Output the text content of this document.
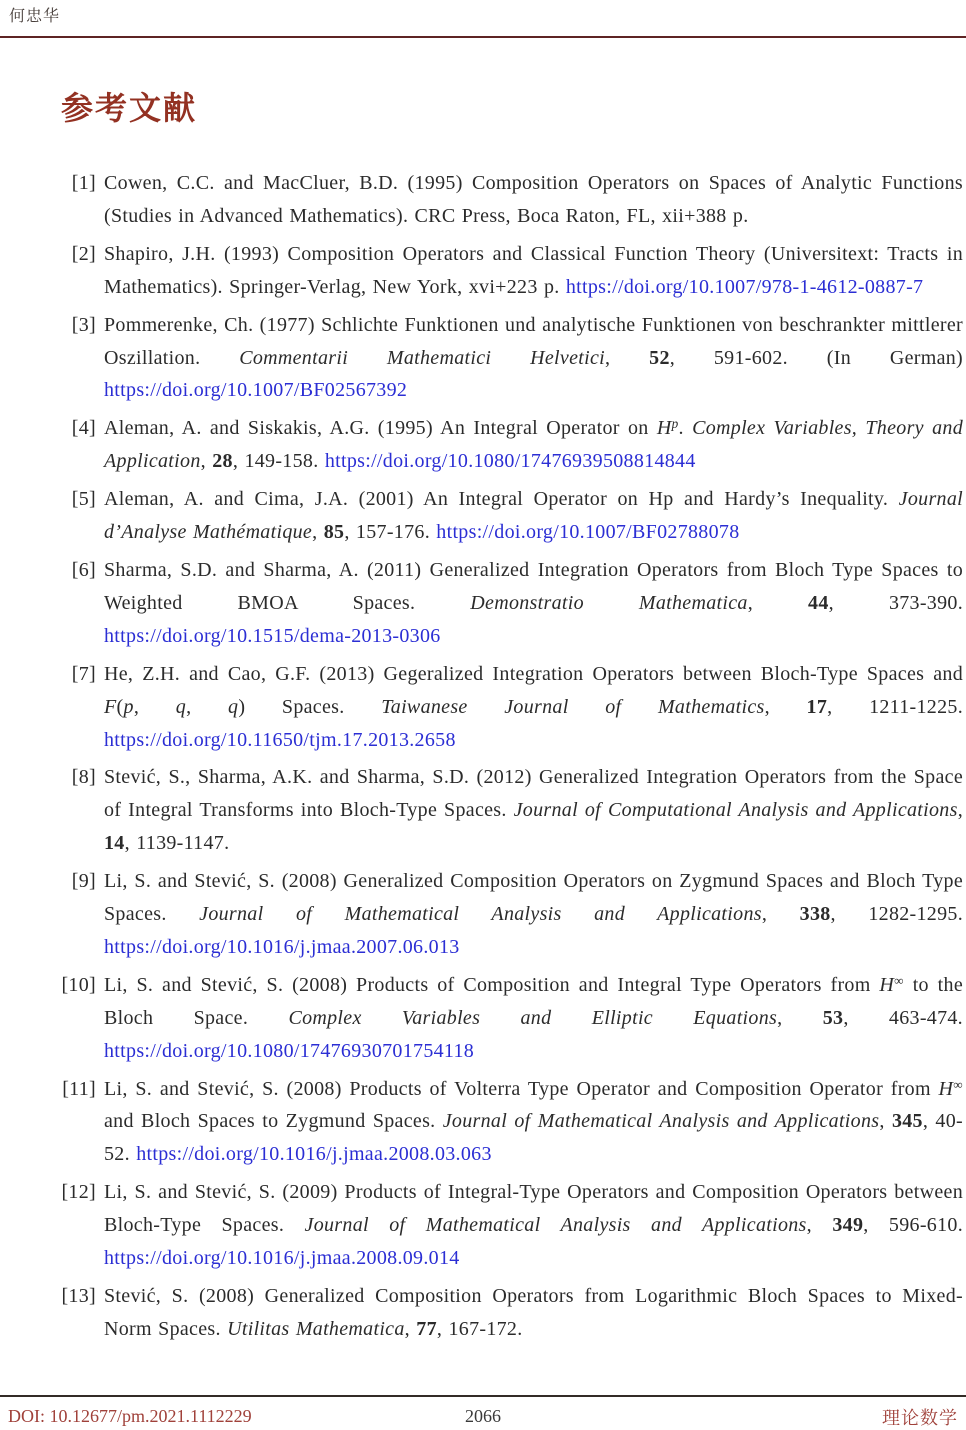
何忠华
参考文献
[1] Cowen, C.C. and MacCluer, B.D. (1995) Composition Operators on Spaces of Analytic Functions (Studies in Advanced Mathematics). CRC Press, Boca Raton, FL, xii+388 p.
[2] Shapiro, J.H. (1993) Composition Operators and Classical Function Theory (Universitext: Tracts in Mathematics). Springer-Verlag, New York, xvi+223 p. https://doi.org/10.1007/978-1-4612-0887-7
[3] Pommerenke, Ch. (1977) Schlichte Funktionen und analytische Funktionen von beschrankter mittlerer Oszillation. Commentarii Mathematici Helvetici, 52, 591-602. (In German) https://doi.org/10.1007/BF02567392
[4] Aleman, A. and Siskakis, A.G. (1995) An Integral Operator on $H^p$. Complex Variables, Theory and Application, 28, 149-158. https://doi.org/10.1080/17476939508814844
[5] Aleman, A. and Cima, J.A. (2001) An Integral Operator on Hp and Hardy’s Inequality. Journal d’Analyse Mathématique, 85, 157-176. https://doi.org/10.1007/BF02788078
[6] Sharma, S.D. and Sharma, A. (2011) Generalized Integration Operators from Bloch Type Spaces to Weighted BMOA Spaces. Demonstratio Mathematica, 44, 373-390. https://doi.org/10.1515/dema-2013-0306
[7] He, Z.H. and Cao, G.F. (2013) Gegeralized Integration Operators between Bloch-Type Spaces and F(p, q, q) Spaces. Taiwanese Journal of Mathematics, 17, 1211-1225. https://doi.org/10.11650/tjm.17.2013.2658
[8] Stević, S., Sharma, A.K. and Sharma, S.D. (2012) Generalized Integration Operators from the Space of Integral Transforms into Bloch-Type Spaces. Journal of Computational Analysis and Applications, 14, 1139-1147.
[9] Li, S. and Stević, S. (2008) Generalized Composition Operators on Zygmund Spaces and Bloch Type Spaces. Journal of Mathematical Analysis and Applications, 338, 1282-1295. https://doi.org/10.1016/j.jmaa.2007.06.013
[10] Li, S. and Stević, S. (2008) Products of Composition and Integral Type Operators from H∞ to the Bloch Space. Complex Variables and Elliptic Equations, 53, 463-474. https://doi.org/10.1080/17476930701754118
[11] Li, S. and Stević, S. (2008) Products of Volterra Type Operator and Composition Operator from H∞ and Bloch Spaces to Zygmund Spaces. Journal of Mathematical Analysis and Applications, 345, 40-52. https://doi.org/10.1016/j.jmaa.2008.03.063
[12] Li, S. and Stević, S. (2009) Products of Integral-Type Operators and Composition Operators between Bloch-Type Spaces. Journal of Mathematical Analysis and Applications, 349, 596-610. https://doi.org/10.1016/j.jmaa.2008.09.014
[13] Stević, S. (2008) Generalized Composition Operators from Logarithmic Bloch Spaces to Mixed-Norm Spaces. Utilitas Mathematica, 77, 167-172.
DOI: 10.12677/pm.2021.1112229	2066	理论数学
